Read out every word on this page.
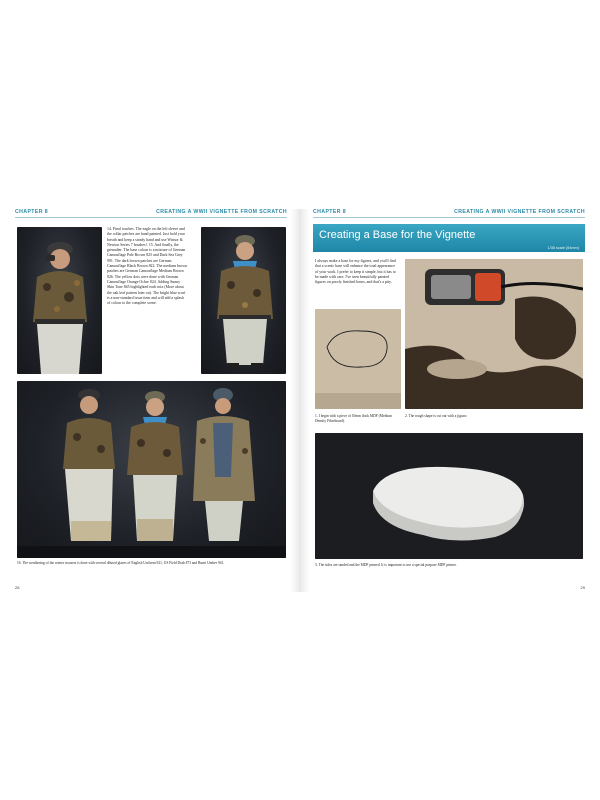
CHAPTER 8	CREATING A WWII VIGNETTE FROM SCRATCH
14. Final touches. The eagle on the left sleeve and the collar patches are hand painted. Just hold your breath and keep a steady hand and use Winsor & Newton Series 7 brushes!. 15. And finally, the grenadier. The base colour is a mixture of German Camouflage Pale Brown 825 and Dark Sea Grey 991. The dark brown patches are German Camouflage Black Brown 822. The medium brown patches are German Camouflage Medium Brown 826. The yellow dots were done with German Camouflage Orange Ochre 824. Adding Sunny Skin Tone 845 highlighted each mix (More about the oak leaf pattern later on). The bright blue scarf is a non-standard issue item and will add a splash of colour to the complete scene.
16. The weathering of the winter trousers is done with several diluted glazes of English Uniform 921, US Field Drab 873 and Burnt Umber 941.
28
CHAPTER 8	CREATING A WWII VIGNETTE FROM SCRATCH
Creating a Base for the Vignette
1/35 scale (54mm)
I always make a base for my figures, and you'll find that a scenic base will enhance the total appearance of your work. I prefer to keep it simple, but it has to be made with care. I've seen beautifully painted figures on poorly finished bases, and that's a pity.
1. I begin with a piece of 10mm thick MDF (Medium Density Fibreboard).
2. The rough shape is cut out with a jigsaw.
3. The sides are sanded and the MDF primed. It is important to use a special purpose MDF primer.
29
